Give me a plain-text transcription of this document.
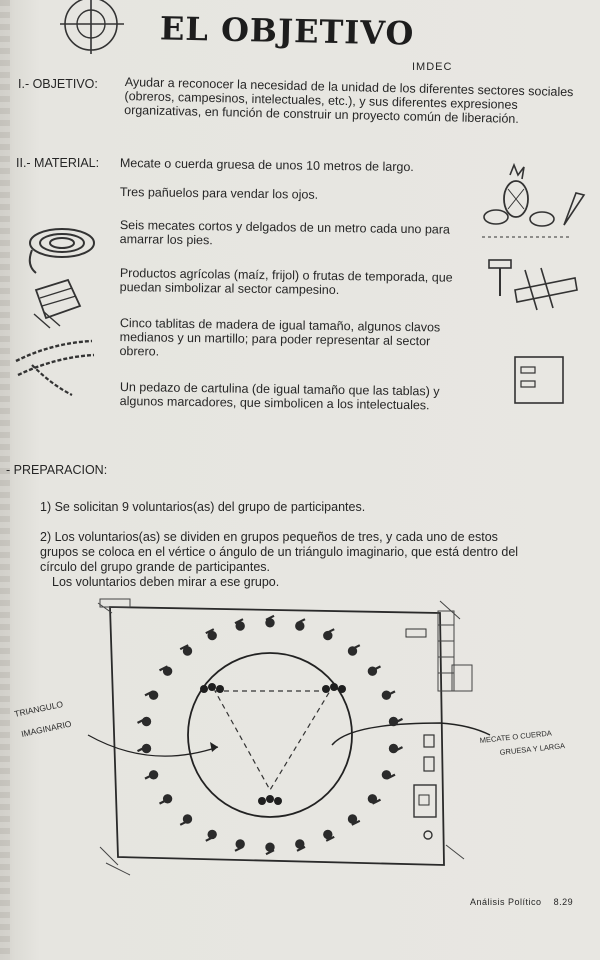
EL OBJETIVO
IMDEC
I.- OBJETIVO: Ayudar a reconocer la necesidad de la unidad de los diferentes sectores sociales (obreros, campesinos, intelectuales, etc.), y sus diferentes expresiones organizativas, en función de construir un proyecto común de liberación.
II.- MATERIAL: Mecate o cuerda gruesa de unos 10 metros de largo.
Tres pañuelos para vendar los ojos.
Seis mecates cortos y delgados de un metro cada uno para amarrar los pies.
Productos agrícolas (maíz, frijol) o frutas de temporada, que puedan simbolizar al sector campesino.
Cinco tablitas de madera de igual tamaño, algunos clavos medianos y un martillo; para poder representar al sector obrero.
Un pedazo de cartulina (de igual tamaño que las tablas) y algunos marcadores, que simbolicen a los intelectuales.
- PREPARACION:
1) Se solicitan 9 voluntarios(as) del grupo de participantes.
2) Los voluntarios(as) se dividen en grupos pequeños de tres, y cada uno de estos grupos se coloca en el vértice o ángulo de un triángulo imaginario, que está dentro del círculo del grupo grande de participantes.
Los voluntarios deben mirar a ese grupo.
TRIANGULO
IMAGINARIO	MECATE O CUERDA
GRUESA Y LARGA
Análisis Político 8.29
